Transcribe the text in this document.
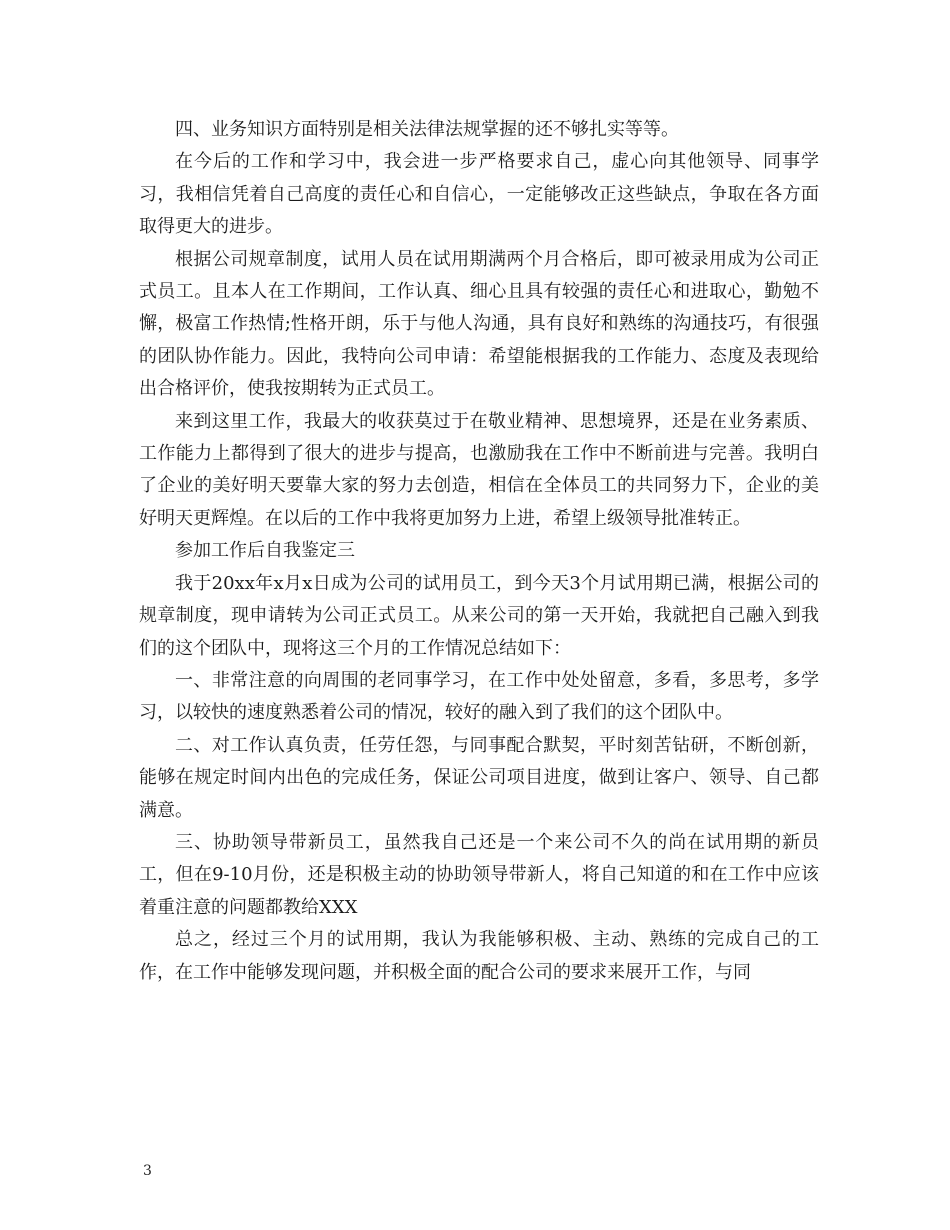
四、业务知识方面特别是相关法律法规掌握的还不够扎实等等。

在今后的工作和学习中，我会进一步严格要求自己，虚心向其他领导、同事学习，我相信凭着自己高度的责任心和自信心，一定能够改正这些缺点，争取在各方面取得更大的进步。

根据公司规章制度，试用人员在试用期满两个月合格后，即可被录用成为公司正式员工。且本人在工作期间，工作认真、细心且具有较强的责任心和进取心，勤勉不懈，极富工作热情;性格开朗，乐于与他人沟通，具有良好和熟练的沟通技巧，有很强的团队协作能力。因此，我特向公司申请：希望能根据我的工作能力、态度及表现给出合格评价，使我按期转为正式员工。

来到这里工作，我最大的收获莫过于在敬业精神、思想境界，还是在业务素质、工作能力上都得到了很大的进步与提高，也激励我在工作中不断前进与完善。我明白了企业的美好明天要靠大家的努力去创造，相信在全体员工的共同努力下，企业的美好明天更辉煌。在以后的工作中我将更加努力上进，希望上级领导批准转正。

参加工作后自我鉴定三

我于20xx年x月x日成为公司的试用员工，到今天3个月试用期已满，根据公司的规章制度，现申请转为公司正式员工。从来公司的第一天开始，我就把自己融入到我们的这个团队中，现将这三个月的工作情况总结如下：

一、非常注意的向周围的老同事学习，在工作中处处留意，多看，多思考，多学习，以较快的速度熟悉着公司的情况，较好的融入到了我们的这个团队中。

二、对工作认真负责，任劳任怨，与同事配合默契，平时刻苦钻研，不断创新，能够在规定时间内出色的完成任务，保证公司项目进度，做到让客户、领导、自己都满意。

三、协助领导带新员工，虽然我自己还是一个来公司不久的尚在试用期的新员工，但在9-10月份，还是积极主动的协助领导带新人，将自己知道的和在工作中应该着重注意的问题都教给XXX

总之，经过三个月的试用期，我认为我能够积极、主动、熟练的完成自己的工作，在工作中能够发现问题，并积极全面的配合公司的要求来展开工作，与同

3
